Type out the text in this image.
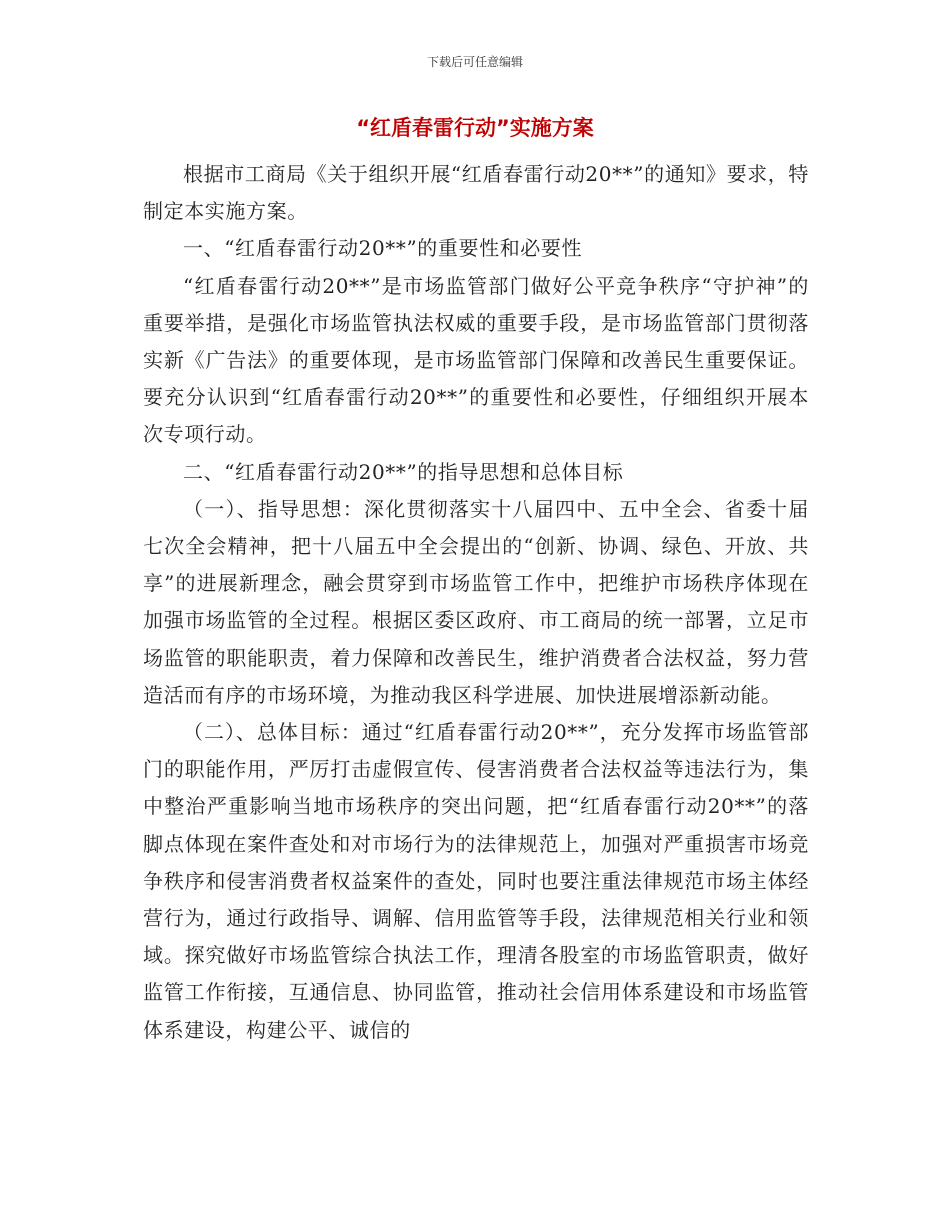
下载后可任意编辑
“红盾春雷行动”实施方案

根据市工商局《关于组织开展“红盾春雷行动20**”的通知》要求，特制定本实施方案。

一、“红盾春雷行动20**”的重要性和必要性

“红盾春雷行动20**”是市场监管部门做好公平竞争秩序“守护神”的重要举措，是强化市场监管执法权威的重要手段，是市场监管部门贯彻落实新《广告法》的重要体现，是市场监管部门保障和改善民生重要保证。要充分认识到“红盾春雷行动20**”的重要性和必要性，仔细组织开展本次专项行动。

二、“红盾春雷行动20**”的指导思想和总体目标

（一）、指导思想：深化贯彻落实十八届四中、五中全会、省委十届七次全会精神，把十八届五中全会提出的“创新、协调、绿色、开放、共享”的进展新理念，融会贯穿到市场监管工作中，把维护市场秩序体现在加强市场监管的全过程。根据区委区政府、市工商局的统一部署，立足市场监管的职能职责，着力保障和改善民生，维护消费者合法权益，努力营造活而有序的市场环境，为推动我区科学进展、加快进展增添新动能。

（二）、总体目标：通过“红盾春雷行动20**”，充分发挥市场监管部门的职能作用，严厉打击虚假宣传、侵害消费者合法权益等违法行为，集中整治严重影响当地市场秩序的突出问题，把“红盾春雷行动20**”的落脚点体现在案件查处和对市场行为的法律规范上，加强对严重损害市场竞争秩序和侵害消费者权益案件的查处，同时也要注重法律规范市场主体经营行为，通过行政指导、调解、信用监管等手段，法律规范相关行业和领域。探究做好市场监管综合执法工作，理清各股室的市场监管职责，做好监管工作衔接，互通信息、协同监管，推动社会信用体系建设和市场监管体系建设，构建公平、诚信的
